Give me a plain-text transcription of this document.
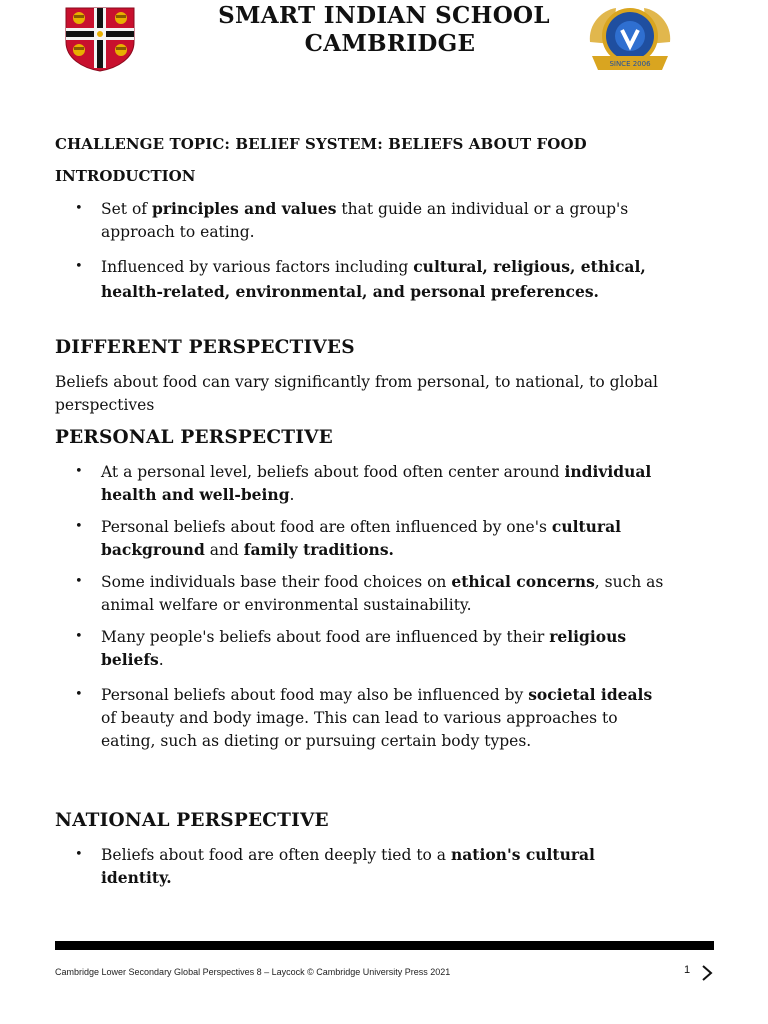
SMART INDIAN SCHOOL
CAMBRIDGE
SINCE 2006
CHALLENGE TOPIC: BELIEF SYSTEM: BELIEFS ABOUT FOOD
INTRODUCTION
• Set of principles and values that guide an individual or a group's approach to eating.
• Influenced by various factors including cultural, religious, ethical, health-related, environmental, and personal preferences.
DIFFERENT PERSPECTIVES
Beliefs about food can vary significantly from personal, to national, to global perspectives
PERSONAL PERSPECTIVE
• At a personal level, beliefs about food often center around individual health and well-being.
• Personal beliefs about food are often influenced by one's cultural background and family traditions.
• Some individuals base their food choices on ethical concerns, such as animal welfare or environmental sustainability.
• Many people's beliefs about food are influenced by their religious beliefs.
• Personal beliefs about food may also be influenced by societal ideals of beauty and body image. This can lead to various approaches to eating, such as dieting or pursuing certain body types.
NATIONAL PERSPECTIVE
• Beliefs about food are often deeply tied to a nation's cultural identity.
Cambridge Lower Secondary Global Perspectives 8 – Laycock © Cambridge University Press 2021	1
